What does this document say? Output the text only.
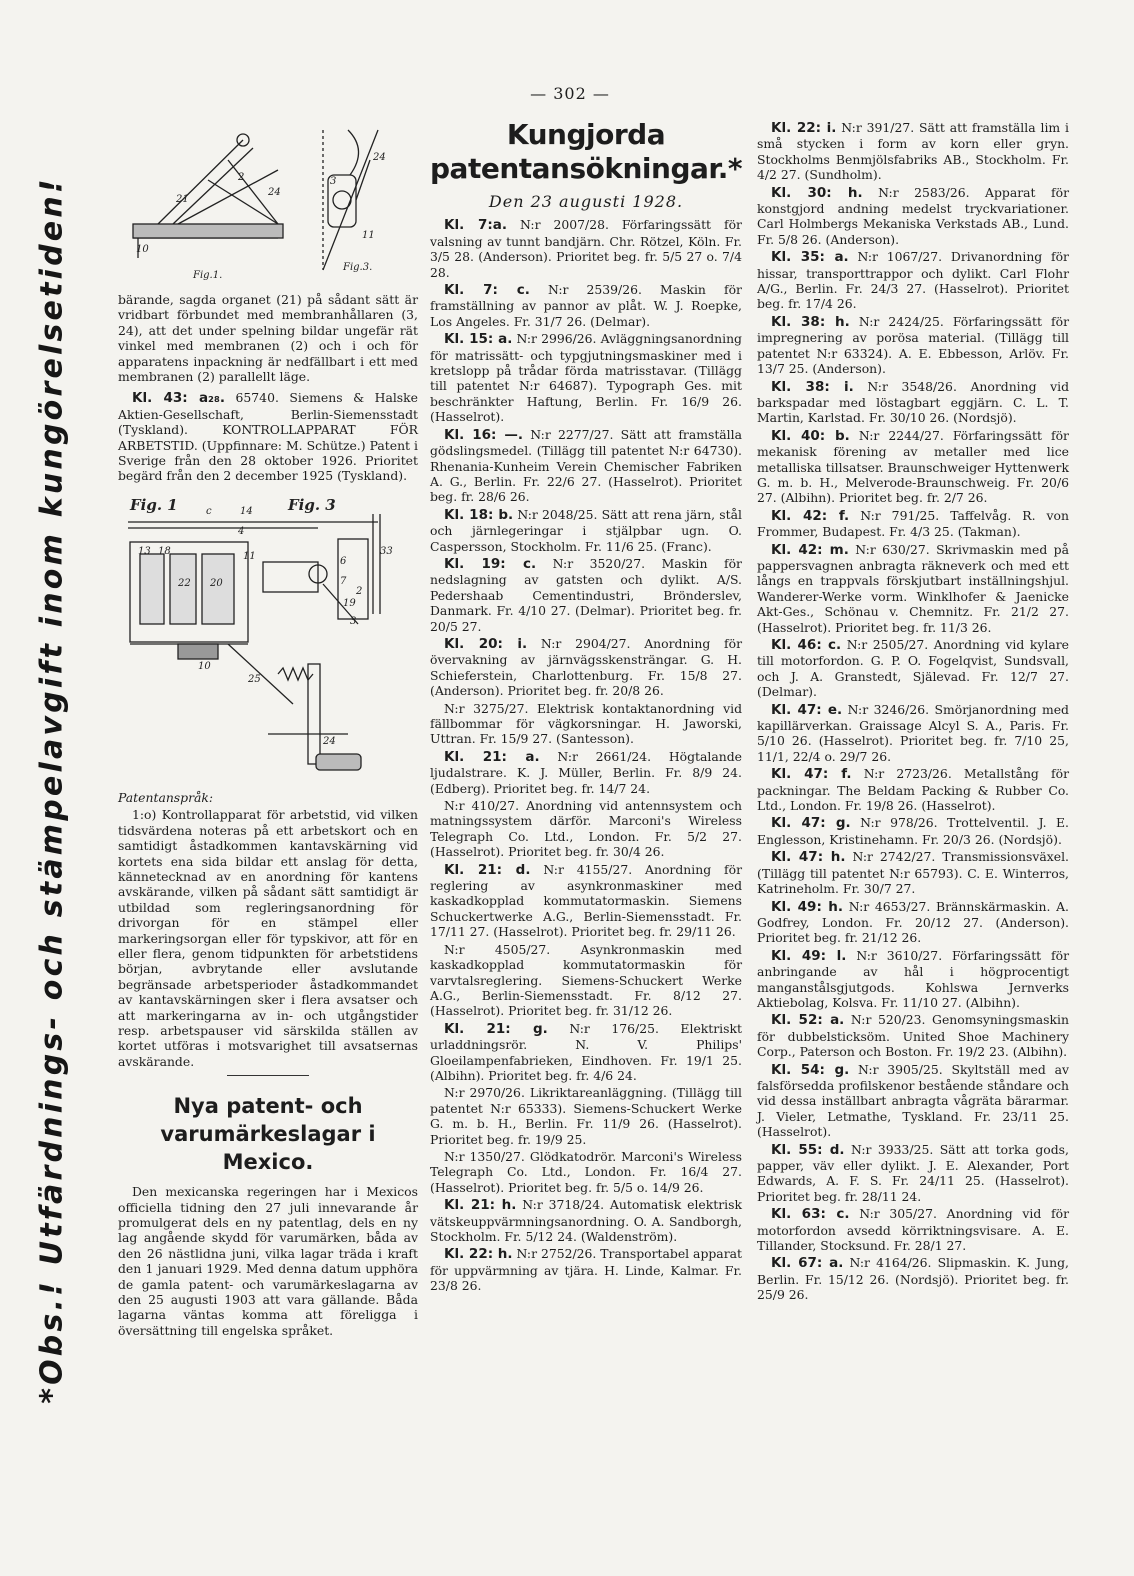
— 302 —
*Obs.! Utfärdnings- och stämpelavgift inom kungörelsetiden!
24
2
24
21
10
3
11
Fig.1.
Fig.3.

bärande, sagda organet (21) på sådant sätt är vridbart förbundet med membranhållaren (3, 24), att det under spelning bildar ungefär rät vinkel med membranen (2) och i och för apparatens inpackning är nedfällbart i ett med membranen (2) parallellt läge.

Kl. 43: a₂₈. 65740. Siemens & Halske Aktien-Gesellschaft, Berlin-Siemensstadt (Tyskland). KONTROLLAPPARAT FÖR ARBETSTID. (Uppfinnare: M. Schütze.) Patent i Sverige från den 28 oktober 1926. Prioritet begärd från den 2 december 1925 (Tyskland).

Fig. 1	Fig. 3
c	14
13 18
22
4
20
11
10
33
25
7
6
19
3
2
24

Patentanspråk:

1:o) Kontrollapparat för arbetstid, vid vilken tidsvärdena noteras på ett arbetskort och en samtidigt åstadkommen kantavskärning vid kortets ena sida bildar ett anslag för detta, kännetecknad av en anordning för kantens avskärande, vilken på sådant sätt samtidigt är utbildad som regleringsanordning för drivorgan för en stämpel eller markeringsorgan eller för typskivor, att för en eller flera, genom tidpunkten för arbetstidens början, avbrytande eller avslutande begränsade arbetsperioder åstadkommandet av kantavskärningen sker i flera avsatser och att markeringarna av in- och utgångstider resp. arbetspauser vid särskilda ställen av kortet utföras i motsvarighet till avsatsernas avskärande.

Nya patent- och varumärkeslagar i Mexico.

Den mexicanska regeringen har i Mexicos officiella tidning den 27 juli innevarande år promulgerat dels en ny patentlag, dels en ny lag angående skydd för varumärken, båda av den 26 nästlidna juni, vilka lagar träda i kraft den 1 januari 1929. Med denna datum upphöra de gamla patent- och varumärkeslagarna av den 25 augusti 1903 att vara gällande. Båda lagarna väntas komma att föreligga i översättning till engelska språket.

Kungjorda patentansökningar.*
Den 23 augusti 1928.

Kl. 7:a. N:r 2007/28. Förfaringssätt för valsning av tunnt bandjärn. Chr. Rötzel, Köln. Fr. 3/5 28. (Anderson). Prioritet beg. fr. 5/5 27 o. 7/4 28.

Kl. 7: c. N:r 2539/26. Maskin för framställning av pannor av plåt. W. J. Roepke, Los Angeles. Fr. 31/7 26. (Delmar).

Kl. 15: a. N:r 2996/26. Avläggningsanordning för matrissätt- och typgjutningsmaskiner med i kretslopp på trådar förda matrisstavar. (Tillägg till patentet N:r 64687). Typograph Ges. mit beschränkter Haftung, Berlin. Fr. 16/9 26. (Hasselrot).

Kl. 16: —. N:r 2277/27. Sätt att framställa gödslingsmedel. (Tillägg till patentet N:r 64730). Rhenania-Kunheim Verein Chemischer Fabriken A. G., Berlin. Fr. 22/6 27. (Hasselrot). Prioritet beg. fr. 28/6 26.

Kl. 18: b. N:r 2048/25. Sätt att rena järn, stål och järnlegeringar i stjälpbar ugn. O. Caspersson, Stockholm. Fr. 11/6 25. (Franc).

Kl. 19: c. N:r 3520/27. Maskin för nedslagning av gatsten och dylikt. A/S. Pedershaab Cementindustri, Brönderslev, Danmark. Fr. 4/10 27. (Delmar). Prioritet beg. fr. 20/5 27.

Kl. 20: i. N:r 2904/27. Anordning för övervakning av järnvägsskensträngar. G. H. Schieferstein, Charlottenburg. Fr. 15/8 27. (Anderson). Prioritet beg. fr. 20/8 26.

N:r 3275/27. Elektrisk kontaktanordning vid fällbommar för vägkorsningar. H. Jaworski, Uttran. Fr. 15/9 27. (Santesson).

Kl. 21: a. N:r 2661/24. Högtalande ljudalstrare. K. J. Müller, Berlin. Fr. 8/9 24. (Edberg). Prioritet beg. fr. 14/7 24.

N:r 410/27. Anordning vid antennsystem och matningssystem därför. Marconi's Wireless Telegraph Co. Ltd., London. Fr. 5/2 27. (Hasselrot). Prioritet beg. fr. 30/4 26.

Kl. 21: d. N:r 4155/27. Anordning för reglering av asynkronmaskiner med kaskadkopplad kommutatormaskin. Siemens Schuckertwerke A.G., Berlin-Siemensstadt. Fr. 17/11 27. (Hasselrot). Prioritet beg. fr. 29/11 26.

N:r 4505/27. Asynkronmaskin med kaskadkopplad kommutatormaskin för varvtalsreglering. Siemens-Schuckert Werke A.G., Berlin-Siemensstadt. Fr. 8/12 27. (Hasselrot). Prioritet beg. fr. 31/12 26.

Kl. 21: g. N:r 176/25. Elektriskt urladdningsrör. N. V. Philips' Gloeilampenfabrieken, Eindhoven. Fr. 19/1 25. (Albihn). Prioritet beg. fr. 4/6 24.

N:r 2970/26. Likriktareanläggning. (Tillägg till patentet N:r 65333). Siemens-Schuckert Werke G. m. b. H., Berlin. Fr. 11/9 26. (Hasselrot). Prioritet beg. fr. 19/9 25.

N:r 1350/27. Glödkatodrör. Marconi's Wireless Telegraph Co. Ltd., London. Fr. 16/4 27. (Hasselrot). Prioritet beg. fr. 5/5 o. 14/9 26.

Kl. 21: h. N:r 3718/24. Automatisk elektrisk vätskeuppvärmningsanordning. O. A. Sandborgh, Stockholm. Fr. 5/12 24. (Waldenström).

Kl. 22: h. N:r 2752/26. Transportabel apparat för uppvärmning av tjära. H. Linde, Kalmar. Fr. 23/8 26.

Kl. 22: i. N:r 391/27. Sätt att framställa lim i små stycken i form av korn eller gryn. Stockholms Benmjölsfabriks AB., Stockholm. Fr. 4/2 27. (Sundholm).

Kl. 30: h. N:r 2583/26. Apparat för konstgjord andning medelst tryckvariationer. Carl Holmbergs Mekaniska Verkstads AB., Lund. Fr. 5/8 26. (Anderson).

Kl. 35: a. N:r 1067/27. Drivanordning för hissar, transporttrappor och dylikt. Carl Flohr A/G., Berlin. Fr. 24/3 27. (Hasselrot). Prioritet beg. fr. 17/4 26.

Kl. 38: h. N:r 2424/25. Förfaringssätt för impregnering av porösa material. (Tillägg till patentet N:r 63324). A. E. Ebbesson, Arlöv. Fr. 13/7 25. (Anderson).

Kl. 38: i. N:r 3548/26. Anordning vid barkspadar med löstagbart eggjärn. C. L. T. Martin, Karlstad. Fr. 30/10 26. (Nordsjö).

Kl. 40: b. N:r 2244/27. Förfaringssätt för mekanisk förening av metaller med lice metalliska tillsatser. Braunschweiger Hyttenwerk G. m. b. H., Melverode-Braunschweig. Fr. 20/6 27. (Albihn). Prioritet beg. fr. 2/7 26.

Kl. 42: f. N:r 791/25. Taffelvåg. R. von Frommer, Budapest. Fr. 4/3 25. (Takman).

Kl. 42: m. N:r 630/27. Skrivmaskin med på pappersvagnen anbragta räkneverk och med ett långs en trappvals förskjutbart inställningshjul. Wanderer-Werke vorm. Winklhofer & Jaenicke Akt-Ges., Schönau v. Chemnitz. Fr. 21/2 27. (Hasselrot). Prioritet beg. fr. 11/3 26.

Kl. 46: c. N:r 2505/27. Anordning vid kylare till motorfordon. G. P. O. Fogelqvist, Sundsvall, och J. A. Granstedt, Själevad. Fr. 12/7 27. (Delmar).

Kl. 47: e. N:r 3246/26. Smörjanordning med kapillärverkan. Graissage Alcyl S. A., Paris. Fr. 5/10 26. (Hasselrot). Prioritet beg. fr. 7/10 25, 11/1, 22/4 o. 29/7 26.

Kl. 47: f. N:r 2723/26. Metallstång för packningar. The Beldam Packing & Rubber Co. Ltd., London. Fr. 19/8 26. (Hasselrot).

Kl. 47: g. N:r 978/26. Trottelventil. J. E. Englesson, Kristinehamn. Fr. 20/3 26. (Nordsjö).

Kl. 47: h. N:r 2742/27. Transmissionsväxel. (Tillägg till patentet N:r 65793). C. E. Winterros, Katrineholm. Fr. 30/7 27.

Kl. 49: h. N:r 4653/27. Brännskärmaskin. A. Godfrey, London. Fr. 20/12 27. (Anderson). Prioritet beg. fr. 21/12 26.

Kl. 49: l. N:r 3610/27. Förfaringssätt för anbringande av hål i högprocentigt manganstålsgjutgods. Kohlswa Jernverks Aktiebolag, Kolsva. Fr. 11/10 27. (Albihn).

Kl. 52: a. N:r 520/23. Genomsyningsmaskin för dubbelsticksöm. United Shoe Machinery Corp., Paterson och Boston. Fr. 19/2 23. (Albihn).

Kl. 54: g. N:r 3905/25. Skyltställ med av falsförsedda profilskenor bestående ståndare och vid dessa inställbart anbragta vågräta bärarmar. J. Vieler, Letmathe, Tyskland. Fr. 23/11 25. (Hasselrot).

Kl. 55: d. N:r 3933/25. Sätt att torka gods, papper, väv eller dylikt. J. E. Alexander, Port Edwards, A. F. S. Fr. 24/11 25. (Hasselrot). Prioritet beg. fr. 28/11 24.

Kl. 63: c. N:r 305/27. Anordning vid för motorfordon avsedd körriktningsvisare. A. E. Tillander, Stocksund. Fr. 28/1 27.

Kl. 67: a. N:r 4164/26. Slipmaskin. K. Jung, Berlin. Fr. 15/12 26. (Nordsjö). Prioritet beg. fr. 25/9 26.
